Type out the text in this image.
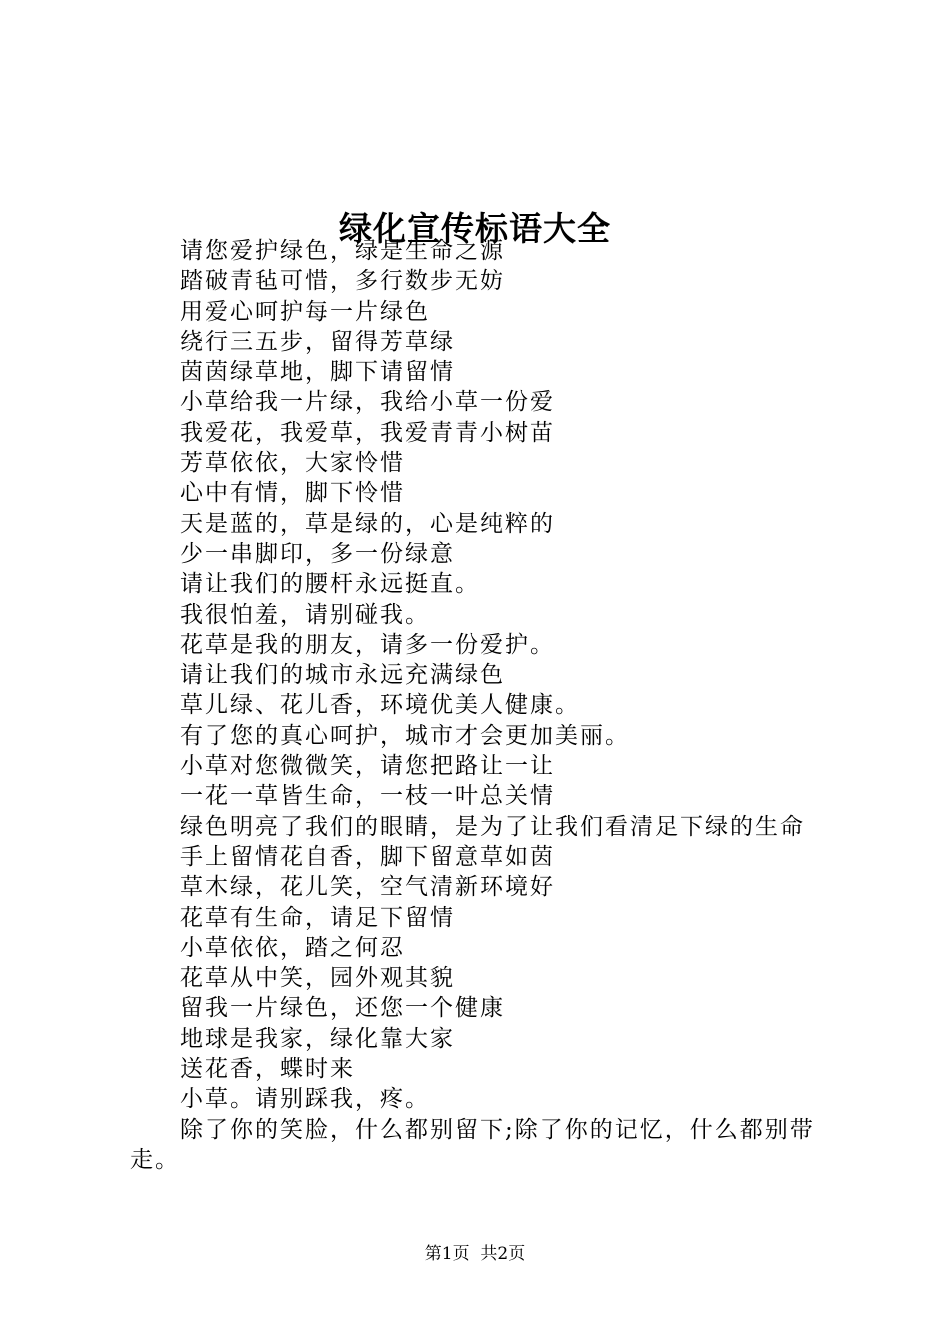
绿化宣传标语大全
请您爱护绿色，绿是生命之源
踏破青毡可惜，多行数步无妨
用爱心呵护每一片绿色
绕行三五步，留得芳草绿
茵茵绿草地，脚下请留情
小草给我一片绿，我给小草一份爱
我爱花，我爱草，我爱青青小树苗
芳草依依，大家怜惜
心中有情，脚下怜惜
天是蓝的，草是绿的，心是纯粹的
少一串脚印，多一份绿意
请让我们的腰杆永远挺直。
我很怕羞，请别碰我。
花草是我的朋友，请多一份爱护。
请让我们的城市永远充满绿色
草儿绿、花儿香，环境优美人健康。
有了您的真心呵护，城市才会更加美丽。
小草对您微微笑，请您把路让一让
一花一草皆生命，一枝一叶总关情
绿色明亮了我们的眼睛，是为了让我们看清足下绿的生命
手上留情花自香，脚下留意草如茵
草木绿，花儿笑，空气清新环境好
花草有生命，请足下留情
小草依依，踏之何忍
花草从中笑，园外观其貌
留我一片绿色，还您一个健康
地球是我家，绿化靠大家
送花香，蝶时来
小草。请别踩我，疼。

除了你的笑脸，什么都别留下;除了你的记忆，什么都别带走。

第1页 共2页
